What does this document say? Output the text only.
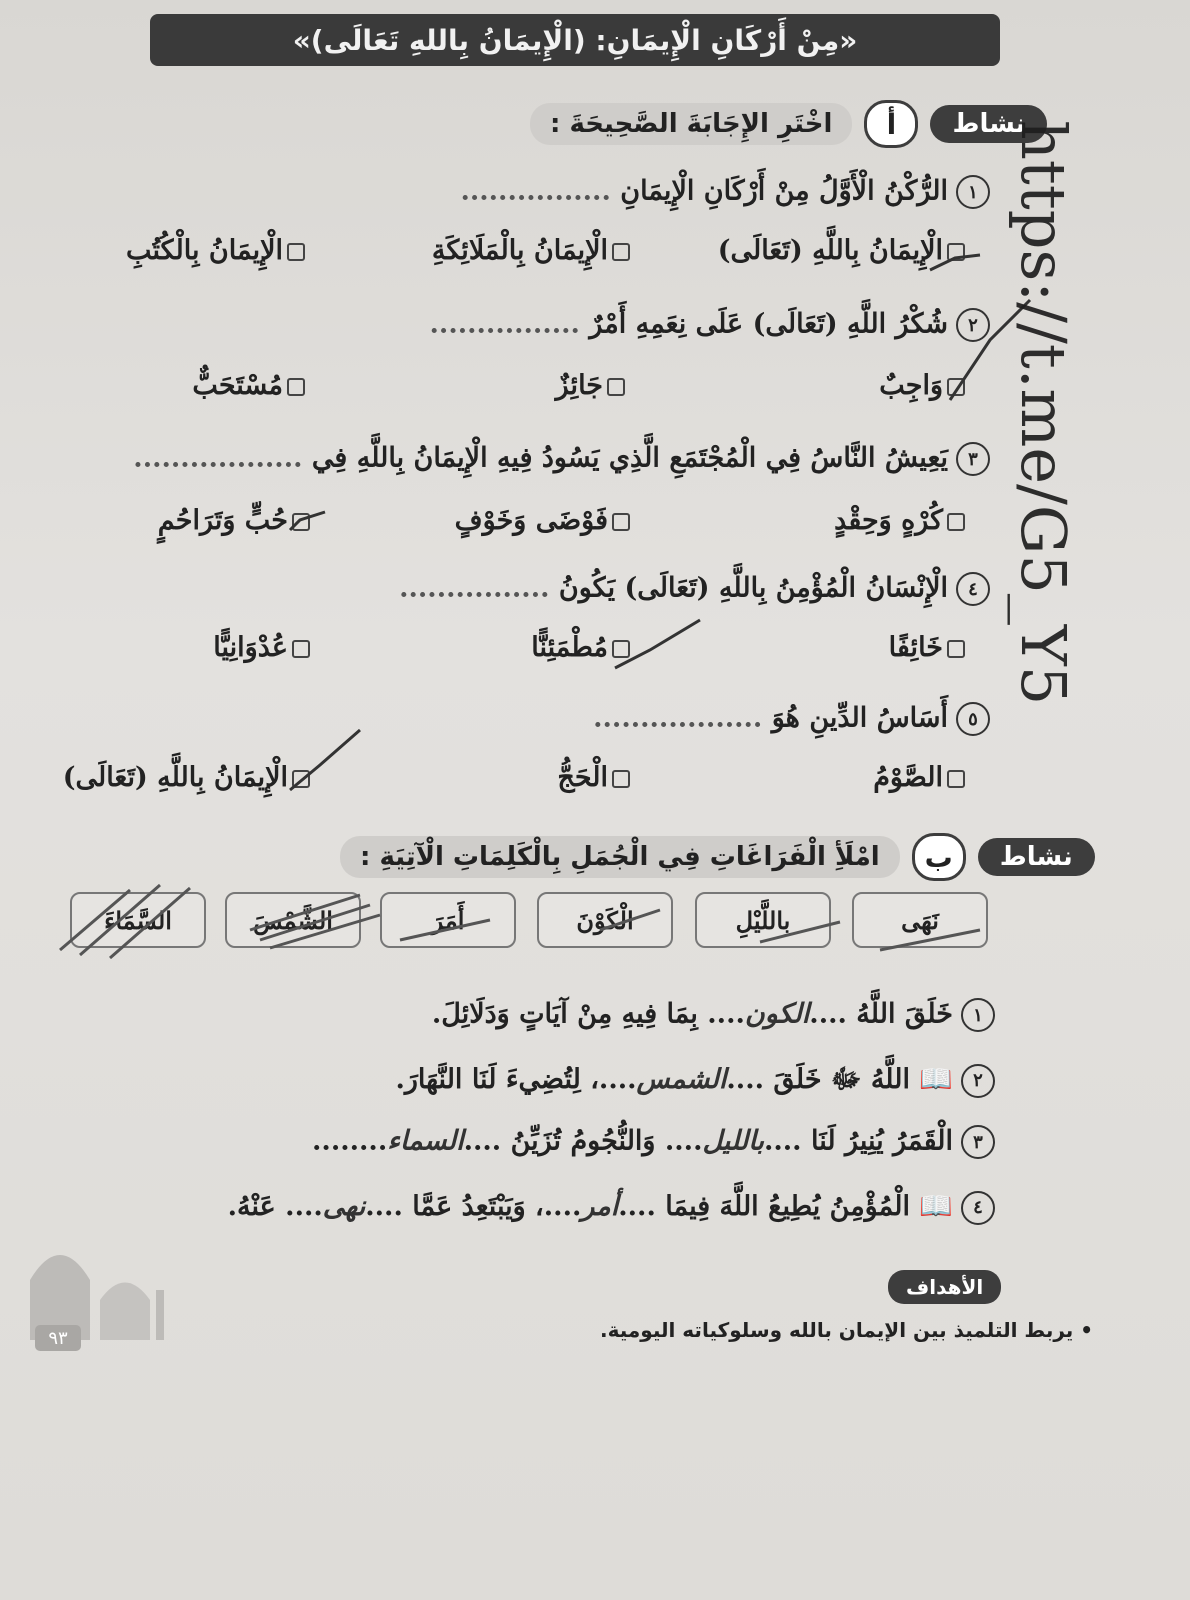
«مِنْ أَرْكَانِ الْإِيمَانِ: (الْإِيمَانُ بِاللهِ تَعَالَى)»
نشاط
أ
اخْتَرِ الإِجَابَةَ الصَّحِيحَةَ :
١الرُّكْنُ الْأَوَّلُ مِنْ أَرْكَانِ الْإِيمَانِ ................
الْإِيمَانُ بِاللَّهِ (تَعَالَى)
الْإِيمَانُ بِالْمَلَائِكَةِ
الْإِيمَانُ بِالْكُتُبِ
٢شُكْرُ اللَّهِ (تَعَالَى) عَلَى نِعَمِهِ أَمْرٌ ................
وَاجِبٌ
جَائِزٌ
مُسْتَحَبٌّ
٣يَعِيشُ النَّاسُ فِي الْمُجْتَمَعِ الَّذِي يَسُودُ فِيهِ الْإِيمَانُ بِاللَّهِ فِي ..................
كُرْهٍ وَحِقْدٍ
فَوْضَى وَخَوْفٍ
حُبٍّ وَتَرَاحُمٍ
٤الْإِنْسَانُ الْمُؤْمِنُ بِاللَّهِ (تَعَالَى) يَكُونُ ................
خَائِفًا
مُطْمَئِنًّا
عُدْوَانِيًّا
٥أَسَاسُ الدِّينِ هُوَ ..................
الصَّوْمُ
الْحَجُّ
الْإِيمَانُ بِاللَّهِ (تَعَالَى)
https://t.me/G5_Y5
نشاط
ب
امْلَأِ الْفَرَاغَاتِ فِي الْجُمَلِ بِالْكَلِمَاتِ الْآتِيَةِ :
نَهَى
بِاللَّيْلِ
الْكَوْنَ
أَمَرَ
الشَّمْسَ
السَّمَاءَ
١خَلَقَ اللَّهُ ....الكون.... بِمَا فِيهِ مِنْ آيَاتٍ وَدَلَائِلَ.
٢📖 اللَّهُ ﷻ خَلَقَ ....الشمس....، لِتُضِيءَ لَنَا النَّهَارَ.
٣الْقَمَرُ يُنِيرُ لَنَا ....بالليل.... وَالنُّجُومُ تُزَيِّنُ ....السماء........
٤📖 الْمُؤْمِنُ يُطِيعُ اللَّهَ فِيمَا ....أمر....، وَيَبْتَعِدُ عَمَّا ....نهى.... عَنْهُ.
الأهداف
• يربط التلميذ بين الإيمان بالله وسلوكياته اليومية.
٩٣
